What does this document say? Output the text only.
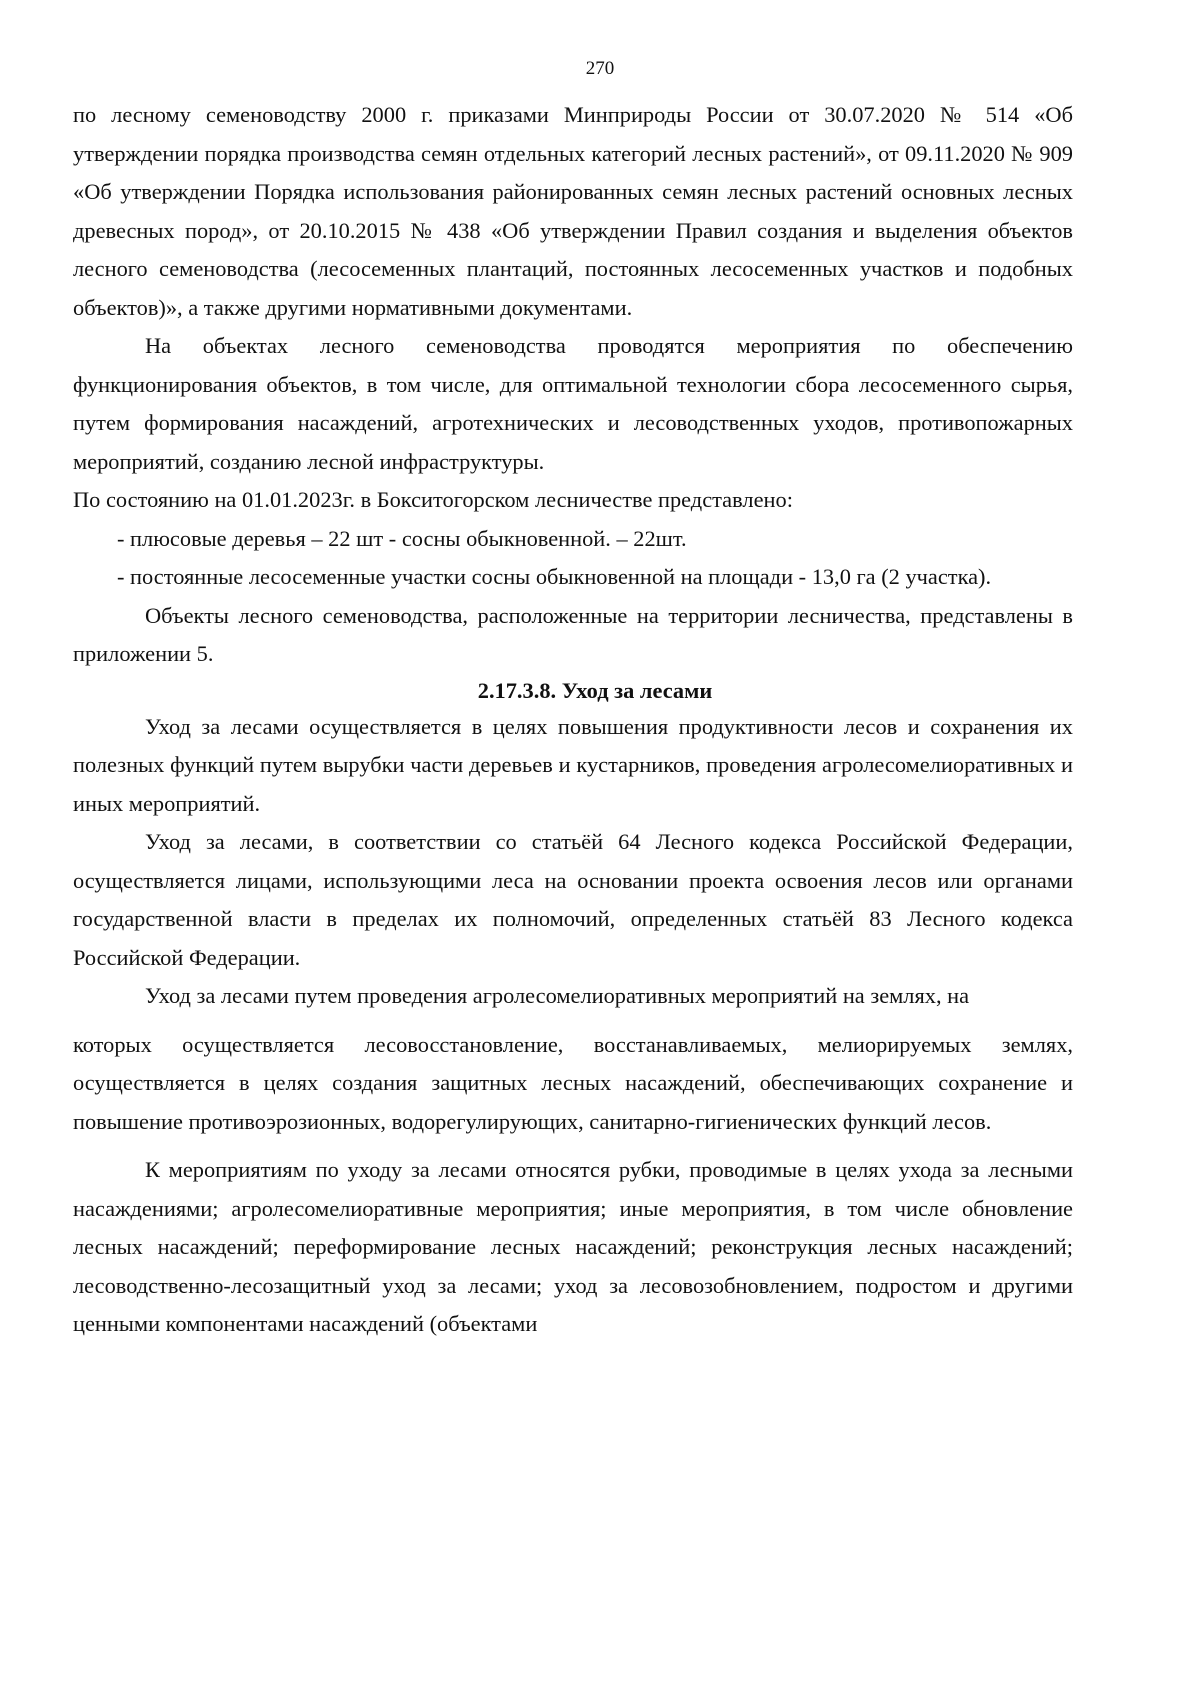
270

по лесному семеноводству 2000 г. приказами Минприроды России от 30.07.2020 № 514 «Об утверждении порядка производства семян отдельных категорий лесных растений», от 09.11.2020 № 909 «Об утверждении Порядка использования районированных семян лесных растений основных лесных древесных пород», от 20.10.2015 № 438 «Об утверждении Правил создания и выделения объектов лесного семеноводства (лесосеменных плантаций, постоянных лесосеменных участков и подобных объектов)», а также другими нормативными документами.

На объектах лесного семеноводства проводятся мероприятия по обеспечению функционирования объектов, в том числе, для оптимальной технологии сбора лесосеменного сырья, путем формирования насаждений, агротехнических и лесоводственных уходов, противопожарных мероприятий, созданию лесной инфраструктуры.

По состоянию на 01.01.2023г. в Бокситогорском лесничестве представлено:

- плюсовые деревья – 22 шт - сосны обыкновенной. – 22шт.

- постоянные лесосеменные участки сосны обыкновенной на площади - 13,0 га (2 участка).

Объекты лесного семеноводства, расположенные на территории лесничества, представлены в приложении 5.

2.17.3.8. Уход за лесами

Уход за лесами осуществляется в целях повышения продуктивности лесов и сохранения их полезных функций путем вырубки части деревьев и кустарников, проведения агролесомелиоративных и иных мероприятий.

Уход за лесами, в соответствии со статьёй 64 Лесного кодекса Российской Федерации, осуществляется лицами, использующими леса на основании проекта освоения лесов или органами государственной власти в пределах их полномочий, определенных статьёй 83 Лесного кодекса Российской Федерации.

Уход за лесами путем проведения агролесомелиоративных мероприятий на землях, на

которых осуществляется лесовосстановление, восстанавливаемых, мелиорируемых землях, осуществляется в целях создания защитных лесных насаждений, обеспечивающих сохранение и повышение противоэрозионных, водорегулирующих, санитарно-гигиенических функций лесов.

К мероприятиям по уходу за лесами относятся рубки, проводимые в целях ухода за лесными насаждениями; агролесомелиоративные мероприятия; иные мероприятия, в том числе обновление лесных насаждений; переформирование лесных насаждений; реконструкция лесных насаждений; лесоводственно-лесозащитный уход за лесами; уход за лесовозобновлением, подростом и другими ценными компонентами насаждений (объектами
